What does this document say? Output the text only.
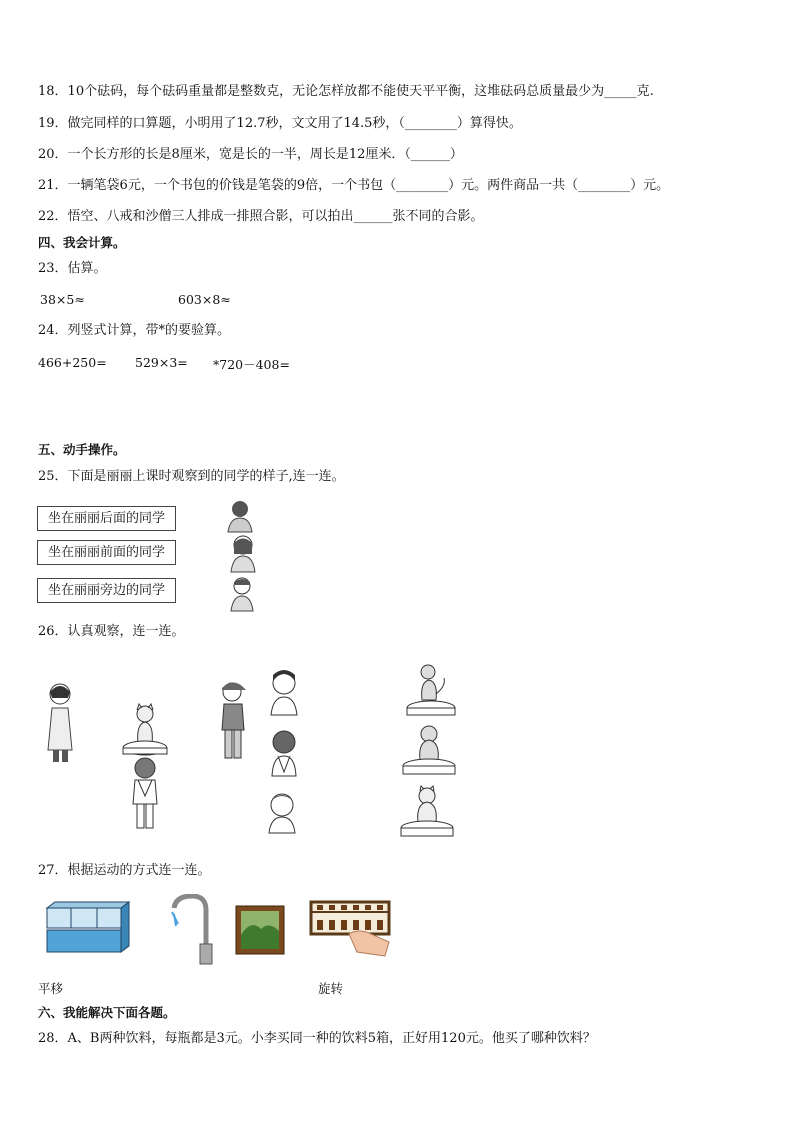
18．10个砝码，每个砝码重量都是整数克，无论怎样放都不能使天平平衡，这堆砝码总质量最少为_____克.
19．做完同样的口算题，小明用了12.7秒，文文用了14.5秒，（________）算得快。
20．一个长方形的长是8厘米，宽是长的一半，周长是12厘米．（______）
21．一辆笔袋6元，一个书包的价钱是笔袋的9倍，一个书包（________）元。两件商品一共（________）元。
22．悟空、八戒和沙僧三人排成一排照合影，可以拍出______张不同的合影。
四、我会计算。
23．估算。
38×5≈	603×8≈
24．列竖式计算，带*的要验算。
466+250= 529×3= *720－408=
五、动手操作。
25．下面是丽丽上课时观察到的同学的样子,连一连。
坐在丽丽后面的同学
坐在丽丽前面的同学
坐在丽丽旁边的同学
26．认真观察，连一连。
27．根据运动的方式连一连。
平移	旋转
六、我能解决下面各题。
28．A、B两种饮料，每瓶都是3元。小李买同一种的饮料5箱，正好用120元。他买了哪种饮料？
